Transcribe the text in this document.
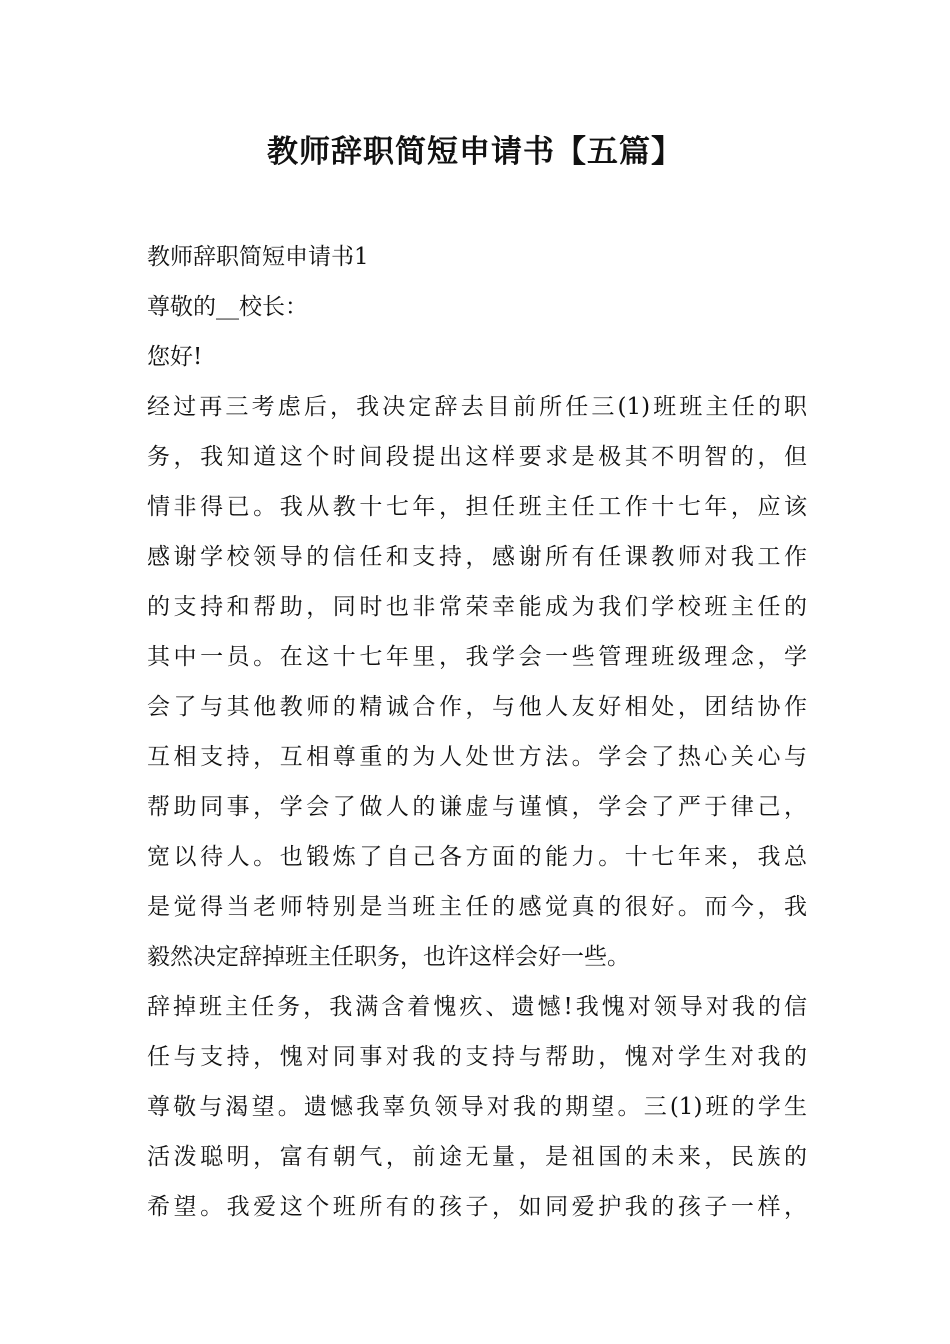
教师辞职简短申请书【五篇】
教师辞职简短申请书1
尊敬的__校长：
您好!
经过再三考虑后，我决定辞去目前所任三(1)班班主任的职
务，我知道这个时间段提出这样要求是极其不明智的，但
情非得已。我从教十七年，担任班主任工作十七年，应该
感谢学校领导的信任和支持，感谢所有任课教师对我工作
的支持和帮助，同时也非常荣幸能成为我们学校班主任的
其中一员。在这十七年里，我学会一些管理班级理念，学
会了与其他教师的精诚合作，与他人友好相处，团结协作
互相支持，互相尊重的为人处世方法。学会了热心关心与
帮助同事，学会了做人的谦虚与谨慎，学会了严于律己，
宽以待人。也锻炼了自己各方面的能力。十七年来，我总
是觉得当老师特别是当班主任的感觉真的很好。而今，我
毅然决定辞掉班主任职务，也许这样会好一些。
辞掉班主任务，我满含着愧疚、遗憾!我愧对领导对我的信
任与支持，愧对同事对我的支持与帮助，愧对学生对我的
尊敬与渴望。遗憾我辜负领导对我的期望。三(1)班的学生
活泼聪明，富有朝气，前途无量，是祖国的未来，民族的
希望。我爱这个班所有的孩子，如同爱护我的孩子一样，
